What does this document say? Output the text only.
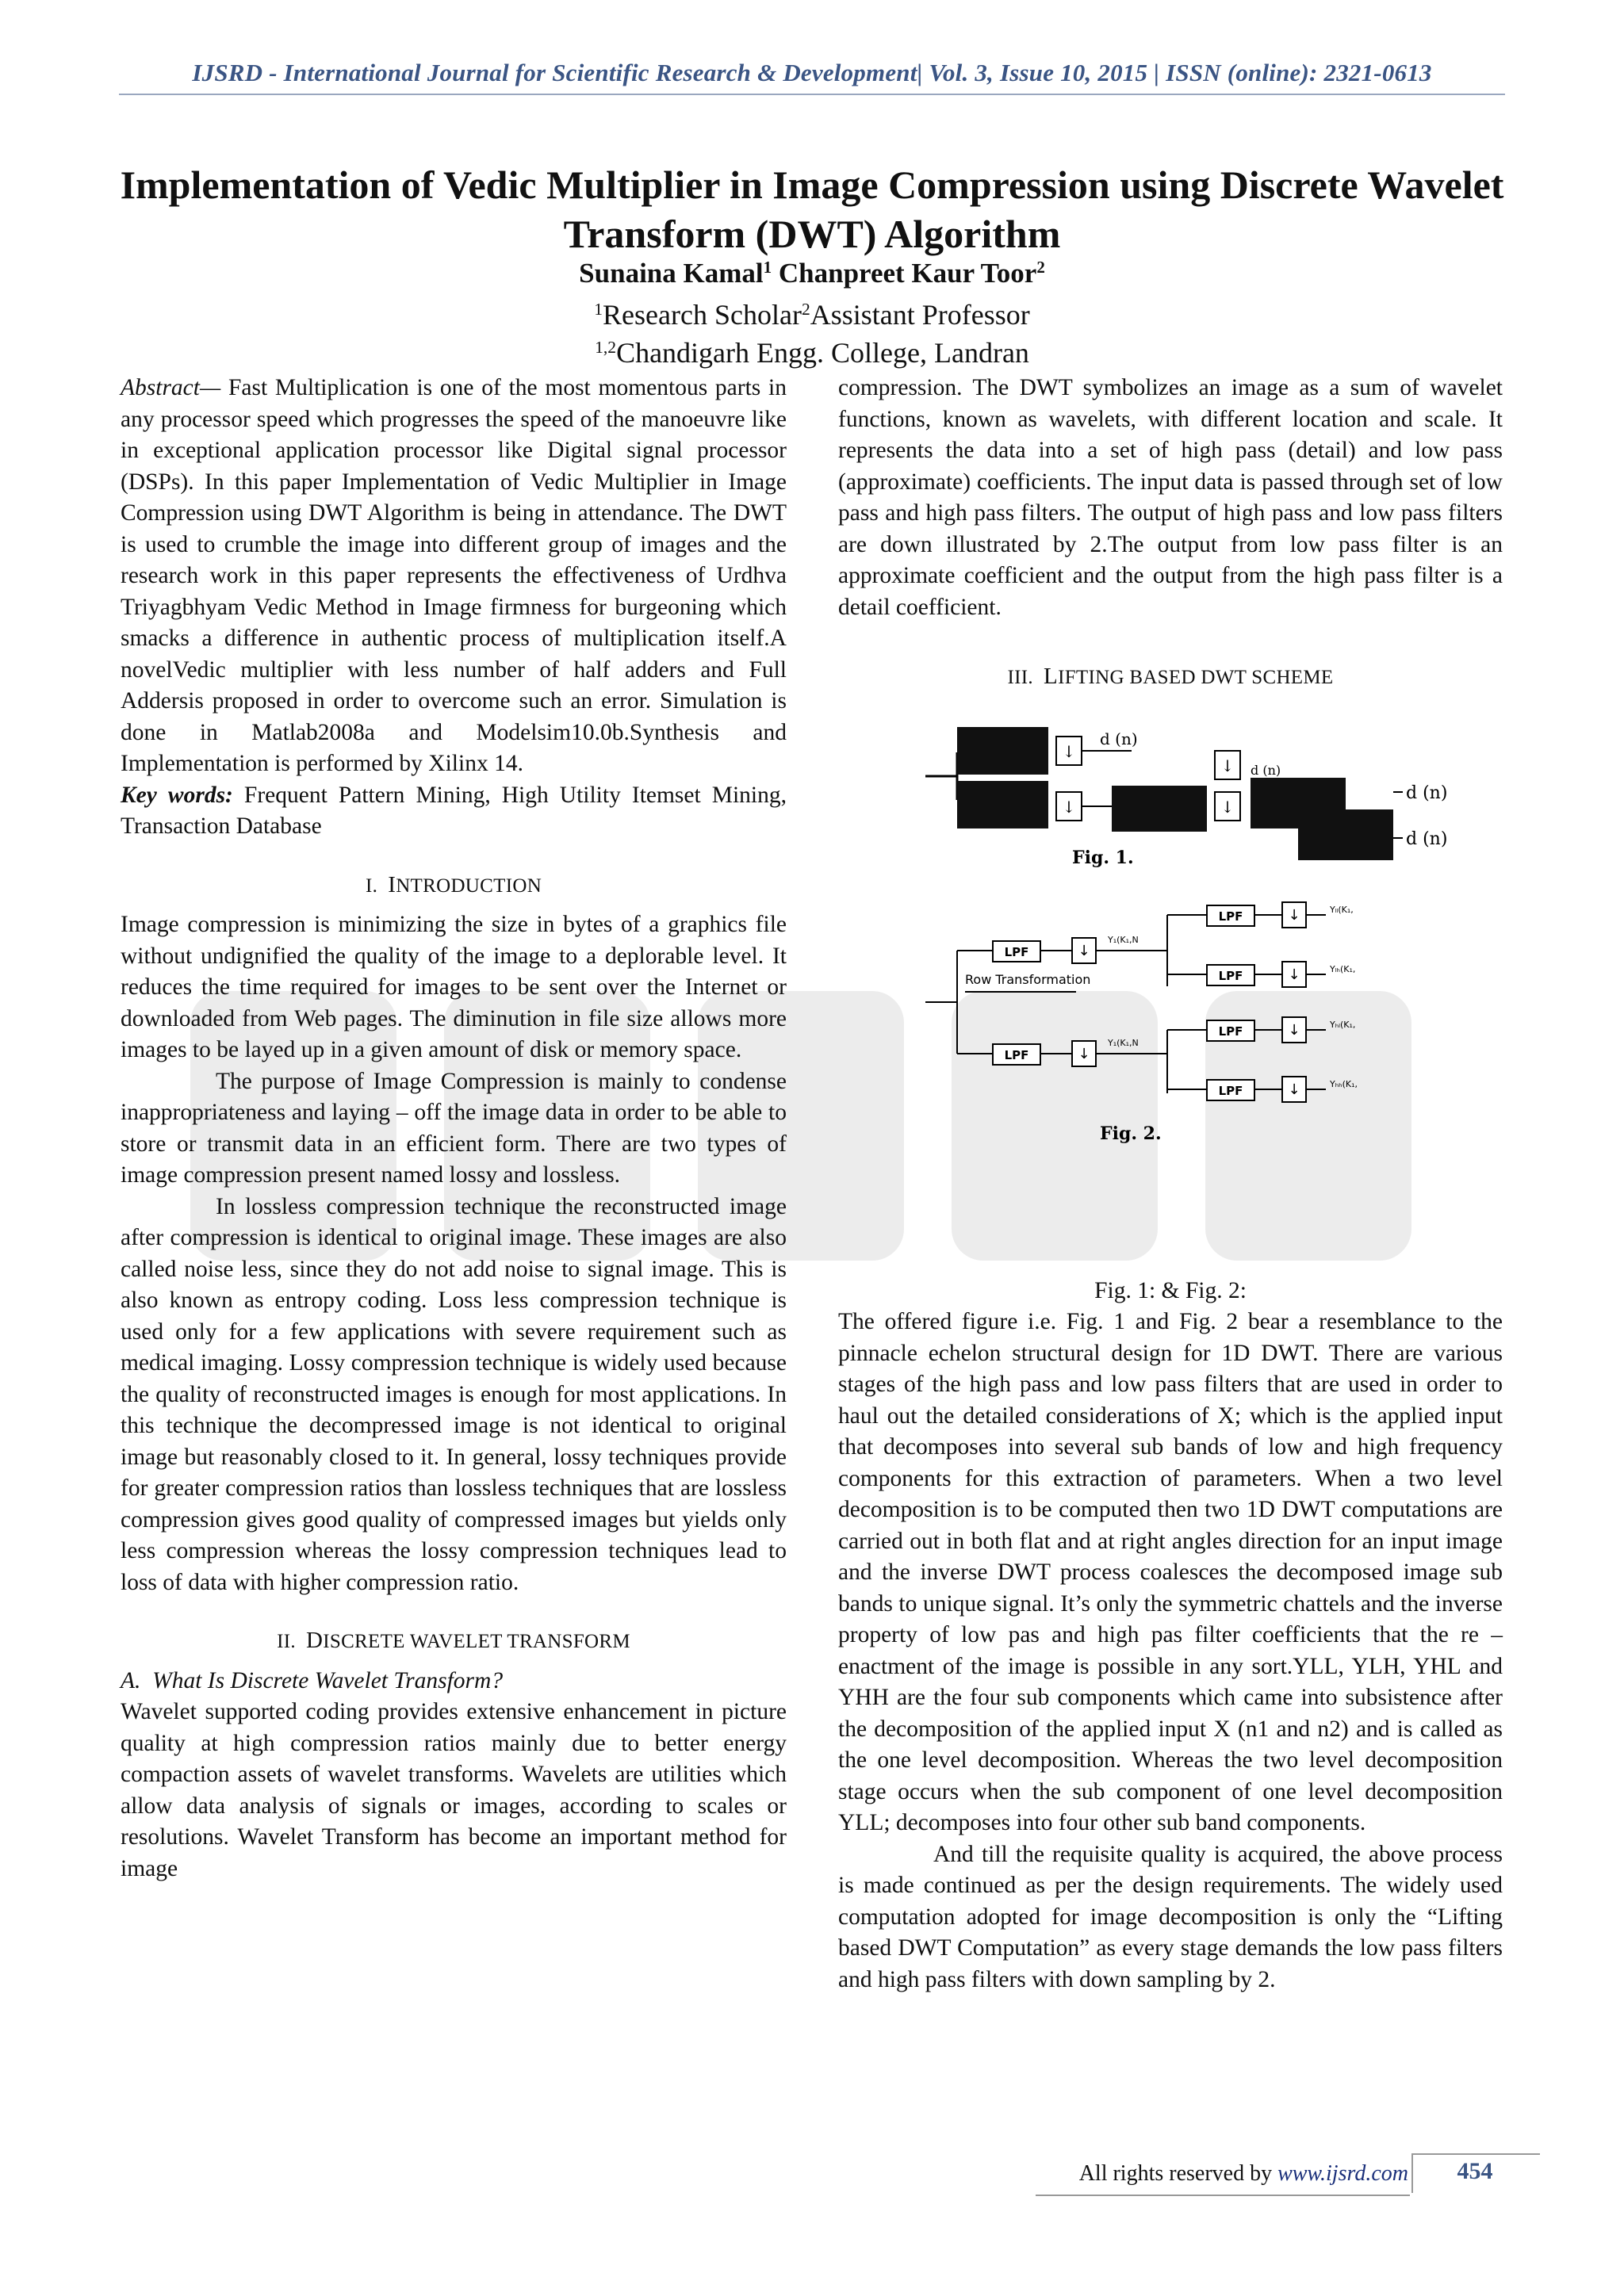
IJSRD - International Journal for Scientific Research & Development| Vol. 3, Issue 10, 2015 | ISSN (online): 2321-0613
Implementation of Vedic Multiplier in Image Compression using Discrete Wavelet Transform (DWT) Algorithm
Sunaina Kamal$^1$ Chanpreet Kaur Toor$^2$
$^1$Research Scholar$^2$Assistant Professor
$^{1,2}$Chandigarh Engg. College, Landran

Abstract— Fast Multiplication is one of the most momentous parts in any processor speed which progresses the speed of the manoeuvre like in exceptional application processor like Digital signal processor (DSPs). In this paper Implementation of Vedic Multiplier in Image Compression using DWT Algorithm is being in attendance. The DWT is used to crumble the image into different group of images and the research work in this paper represents the effectiveness of Urdhva Triyagbhyam Vedic Method in Image firmness for burgeoning which smacks a difference in authentic process of multiplication itself.A novelVedic multiplier with less number of half adders and Full Addersis proposed in order to overcome such an error. Simulation is done in Matlab2008a and Modelsim10.0b.Synthesis and Implementation is performed by Xilinx 14.

Key words: Frequent Pattern Mining, High Utility Itemset Mining, Transaction Database

I. INTRODUCTION

Image compression is minimizing the size in bytes of a graphics file without undignified the quality of the image to a deplorable level. It reduces the time required for images to be sent over the Internet or downloaded from Web pages. The diminution in file size allows more images to be layed up in a given amount of disk or memory space.

The purpose of Image Compression is mainly to condense inappropriateness and laying – off the image data in order to be able to store or transmit data in an efficient form. There are two types of image compression present named lossy and lossless.

In lossless compression technique the reconstructed image after compression is identical to original image. These images are also called noise less, since they do not add noise to signal image. This is also known as entropy coding. Loss less compression technique is used only for a few applications with severe requirement such as medical imaging. Lossy compression technique is widely used because the quality of reconstructed images is enough for most applications. In this technique the decompressed image is not identical to original image but reasonably closed to it. In general, lossy techniques provide for greater compression ratios than lossless techniques that are lossless compression gives good quality of compressed images but yields only less compression whereas the lossy compression techniques lead to loss of data with higher compression ratio.

II. DISCRETE WAVELET TRANSFORM

A. What Is Discrete Wavelet Transform?

Wavelet supported coding provides extensive enhancement in picture quality at high compression ratios mainly due to better energy compaction assets of wavelet transforms. Wavelets are utilities which allow data analysis of signals or images, according to scales or resolutions. Wavelet Transform has become an important method for image

compression. The DWT symbolizes an image as a sum of wavelet functions, known as wavelets, with different location and scale. It represents the data into a set of high pass (detail) and low pass (approximate) coefficients. The input data is passed through set of low pass and high pass filters. The output of high pass and low pass filters are down illustrated by 2.The output from low pass filter is an approximate coefficient and the output from the high pass filter is a detail coefficient.

III. LIFTING BASED DWT SCHEME
↓
↓
d (n)
↓
↓
d (n)
d (n)
d (n)
Fig. 1.
LPF
LPF
↓
↓
Y₁(K₁,N
Y₁(K₁,N
Row Transformation
LPF
LPF
LPF
LPF
↓
↓
↓
↓
Yₗₗ(K₁,
Yₗₕ(K₁,
Yₕₗ(K₁,
Yₕₕ(K₁,
Fig. 2.

Fig. 1: & Fig. 2:

The offered figure i.e. Fig. 1 and Fig. 2 bear a resemblance to the pinnacle echelon structural design for 1D DWT. There are various stages of the high pass and low pass filters that are used in order to haul out the detailed considerations of X; which is the applied input that decomposes into several sub bands of low and high frequency components for this extraction of parameters. When a two level decomposition is to be computed then two 1D DWT computations are carried out in both flat and at right angles direction for an input image and the inverse DWT process coalesces the decomposed image sub bands to unique signal. It’s only the symmetric chattels and the inverse property of low pas and high pas filter coefficients that the re – enactment of the image is possible in any sort.YLL, YLH, YHL and YHH are the four sub components which came into subsistence after the decomposition of the applied input X (n1 and n2) and is called as the one level decomposition. Whereas the two level decomposition stage occurs when the sub component of one level decomposition YLL; decomposes into four other sub band components.

And till the requisite quality is acquired, the above process is made continued as per the design requirements. The widely used computation adopted for image decomposition is only the “Lifting based DWT Computation” as every stage demands the low pass filters and high pass filters with down sampling by 2.

All rights reserved by www.ijsrd.com	454
